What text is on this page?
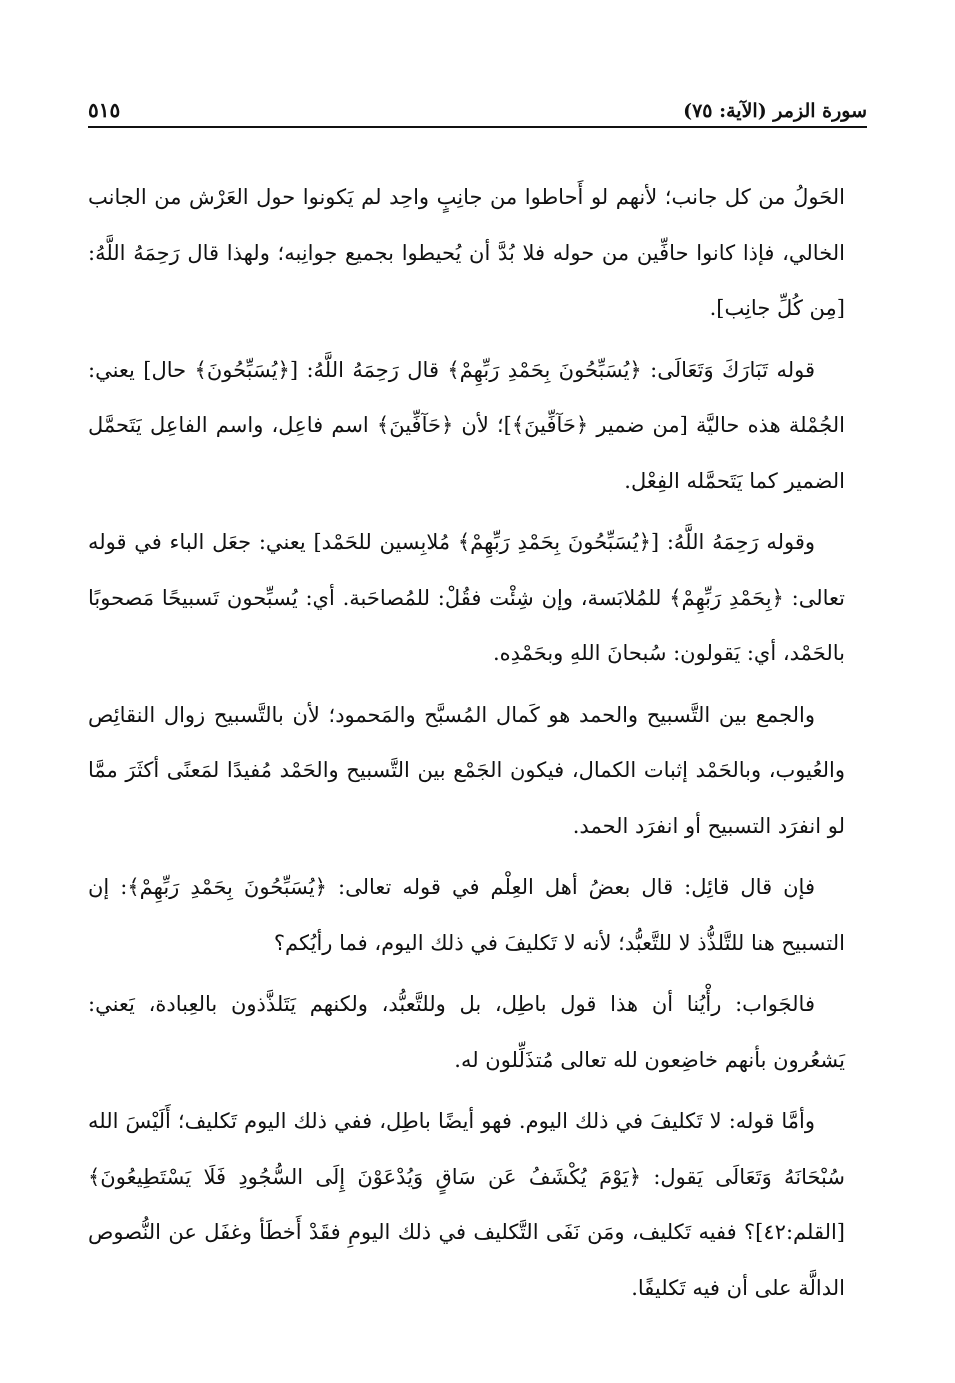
سورة الزمر (الآية: ٧٥)
٥١٥

الحَولُ من كل جانب؛ لأنهم لو أَحاطوا من جانِبٍ واحِد لم يَكونوا حول العَرْش من الجانب الخالي، فإذا كانوا حافِّين من حوله فلا بُدَّ أن يُحيطوا بجميع جوانِبه؛ ولهذا قال رَحِمَهُ اللَّهُ: [مِن كُلِّ جانِب].

قوله تَبَارَكَ وَتَعَالَى: ﴿يُسَبِّحُونَ بِحَمْدِ رَبِّهِمْ﴾ قال رَحِمَهُ اللَّهُ: [﴿يُسَبِّحُونَ﴾ حال] يعني: الجُمْلة هذه حاليَّة [من ضمير ﴿حَآفِّينَ﴾]؛ لأن ﴿حَآفِّينَ﴾ اسم فاعِل، واسم الفاعِل يَتَحمَّل الضمير كما يَتَحمَّله الفِعْل.

وقوله رَحِمَهُ اللَّهُ: [﴿يُسَبِّحُونَ بِحَمْدِ رَبِّهِمْ﴾ مُلابِسين للحَمْد] يعني: جعَل الباء في قوله تعالى: ﴿بِحَمْدِ رَبِّهِمْ﴾ للمُلابَسة، وإن شِئْت فقُلْ: للمُصاحَبة. أي: يُسبِّحون تَسبيحًا مَصحوبًا بالحَمْد، أي: يَقولون: سُبحانَ اللهِ وبحَمْدِه.

والجمع بين التَّسبيح والحمد هو كَمال المُسبَّح والمَحمود؛ لأن بالتَّسبيح زوال النقائِص والعُيوب، وبالحَمْد إثبات الكمال، فيكون الجَمْع بين التَّسبيح والحَمْد مُفيدًا لمَعنًى أكثَرَ ممَّا لو انفرَد التسبيح أو انفرَد الحمد.

فإن قال قائِل: قال بعضُ أهل العِلْم في قوله تعالى: ﴿يُسَبِّحُونَ بِحَمْدِ رَبِّهِمْ﴾: إن التسبيح هنا للتَّلذُّذ لا للتَّعبُّد؛ لأنه لا تَكليفَ في ذلك اليوم، فما رأيُكم؟

فالجَواب: رأْيُنا أن هذا قول باطِل، بل وللتَّعبُّد، ولكنهم يَتَلذَّذون بالعِبادة، يَعني: يَشعُرون بأنهم خاضِعون لله تعالى مُتذَلِّلون له.

وأمَّا قوله: لا تَكليفَ في ذلك اليوم. فهو أيضًا باطِل، ففي ذلك اليوم تَكليف؛ أَلَيْسَ الله سُبْحَانَهُ وَتَعَالَى يَقول: ﴿يَوْمَ يُكْشَفُ عَن سَاقٍ وَيُدْعَوْنَ إِلَى السُّجُودِ فَلَا يَسْتَطِيعُونَ﴾ [القلم:٤٢]؟ ففيه تَكليف، ومَن نَفَى التَّكليف في ذلك اليومِ فقَدْ أَخطَأ وغفَل عن النُّصوص الدالَّة على أن فيه تَكليفًا.
